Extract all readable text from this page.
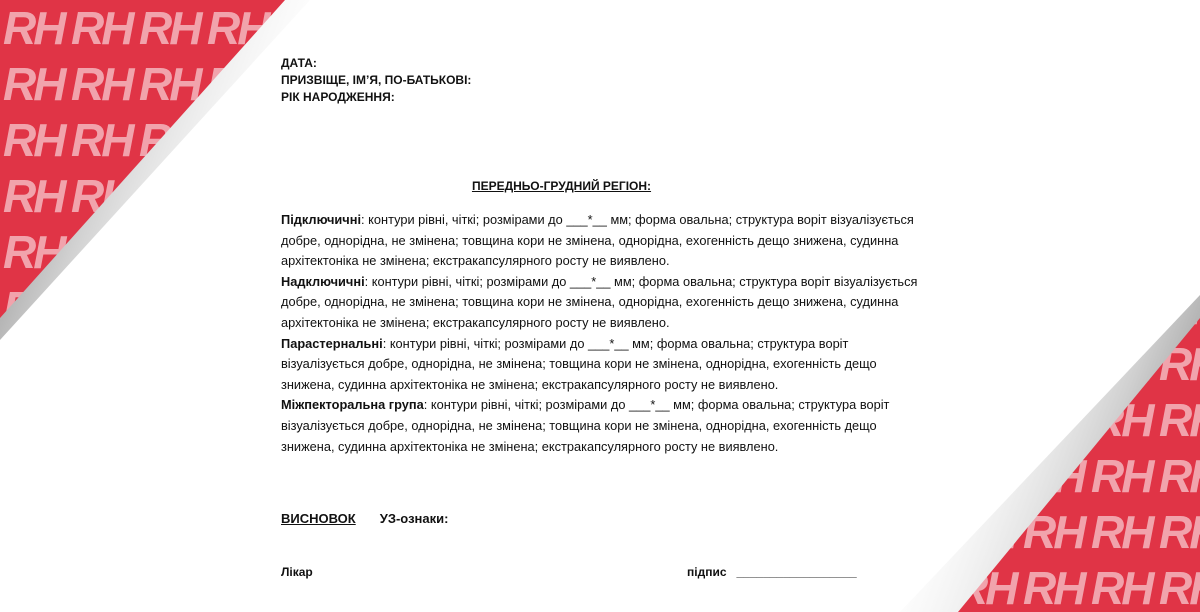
ДАТА:
ПРИЗВІЩЕ, ІМ’Я, ПО-БАТЬКОВІ:
РІК НАРОДЖЕННЯ:
ПЕРЕДНЬО-ГРУДНИЙ РЕГІОН:

Підключичні: контури рівні, чіткі; розмірами до ___*__ мм; форма овальна; структура воріт візуалізується добре, однорідна, не змінена; товщина кори не змінена, однорідна, exогенність дещо знижена, судинна архітектоніка не змінена; екстракапсулярного росту не виявлено.

Надключичні: контури рівні, чіткі; розмірами до ___*__ мм; форма овальна; структура воріт візуалізується добре, однорідна, не змінена; товщина кори не змінена, однорідна, exогенність дещо знижена, судинна архітектоніка не змінена; екстракапсулярного росту не виявлено.

Парастернальні: контури рівні, чіткі; розмірами до ___*__ мм; форма овальна; структура воріт візуалізується добре, однорідна, не змінена; товщина кори не змінена, однорідна, exогенність дещо знижена, судинна архітектоніка не змінена; екстракапсулярного росту не виявлено.

Міжпекторальна група: контури рівні, чіткі; розмірами до ___*__ мм; форма овальна; структура воріт візуалізується добре, однорідна, не змінена; товщина кори не змінена, однорідна, exогенність дещо знижена, судинна архітектоніка не змінена; екстракапсулярного росту не виявлено.

ВИСНОВОК УЗ-ознаки:
Лікар	підпис   __________________
